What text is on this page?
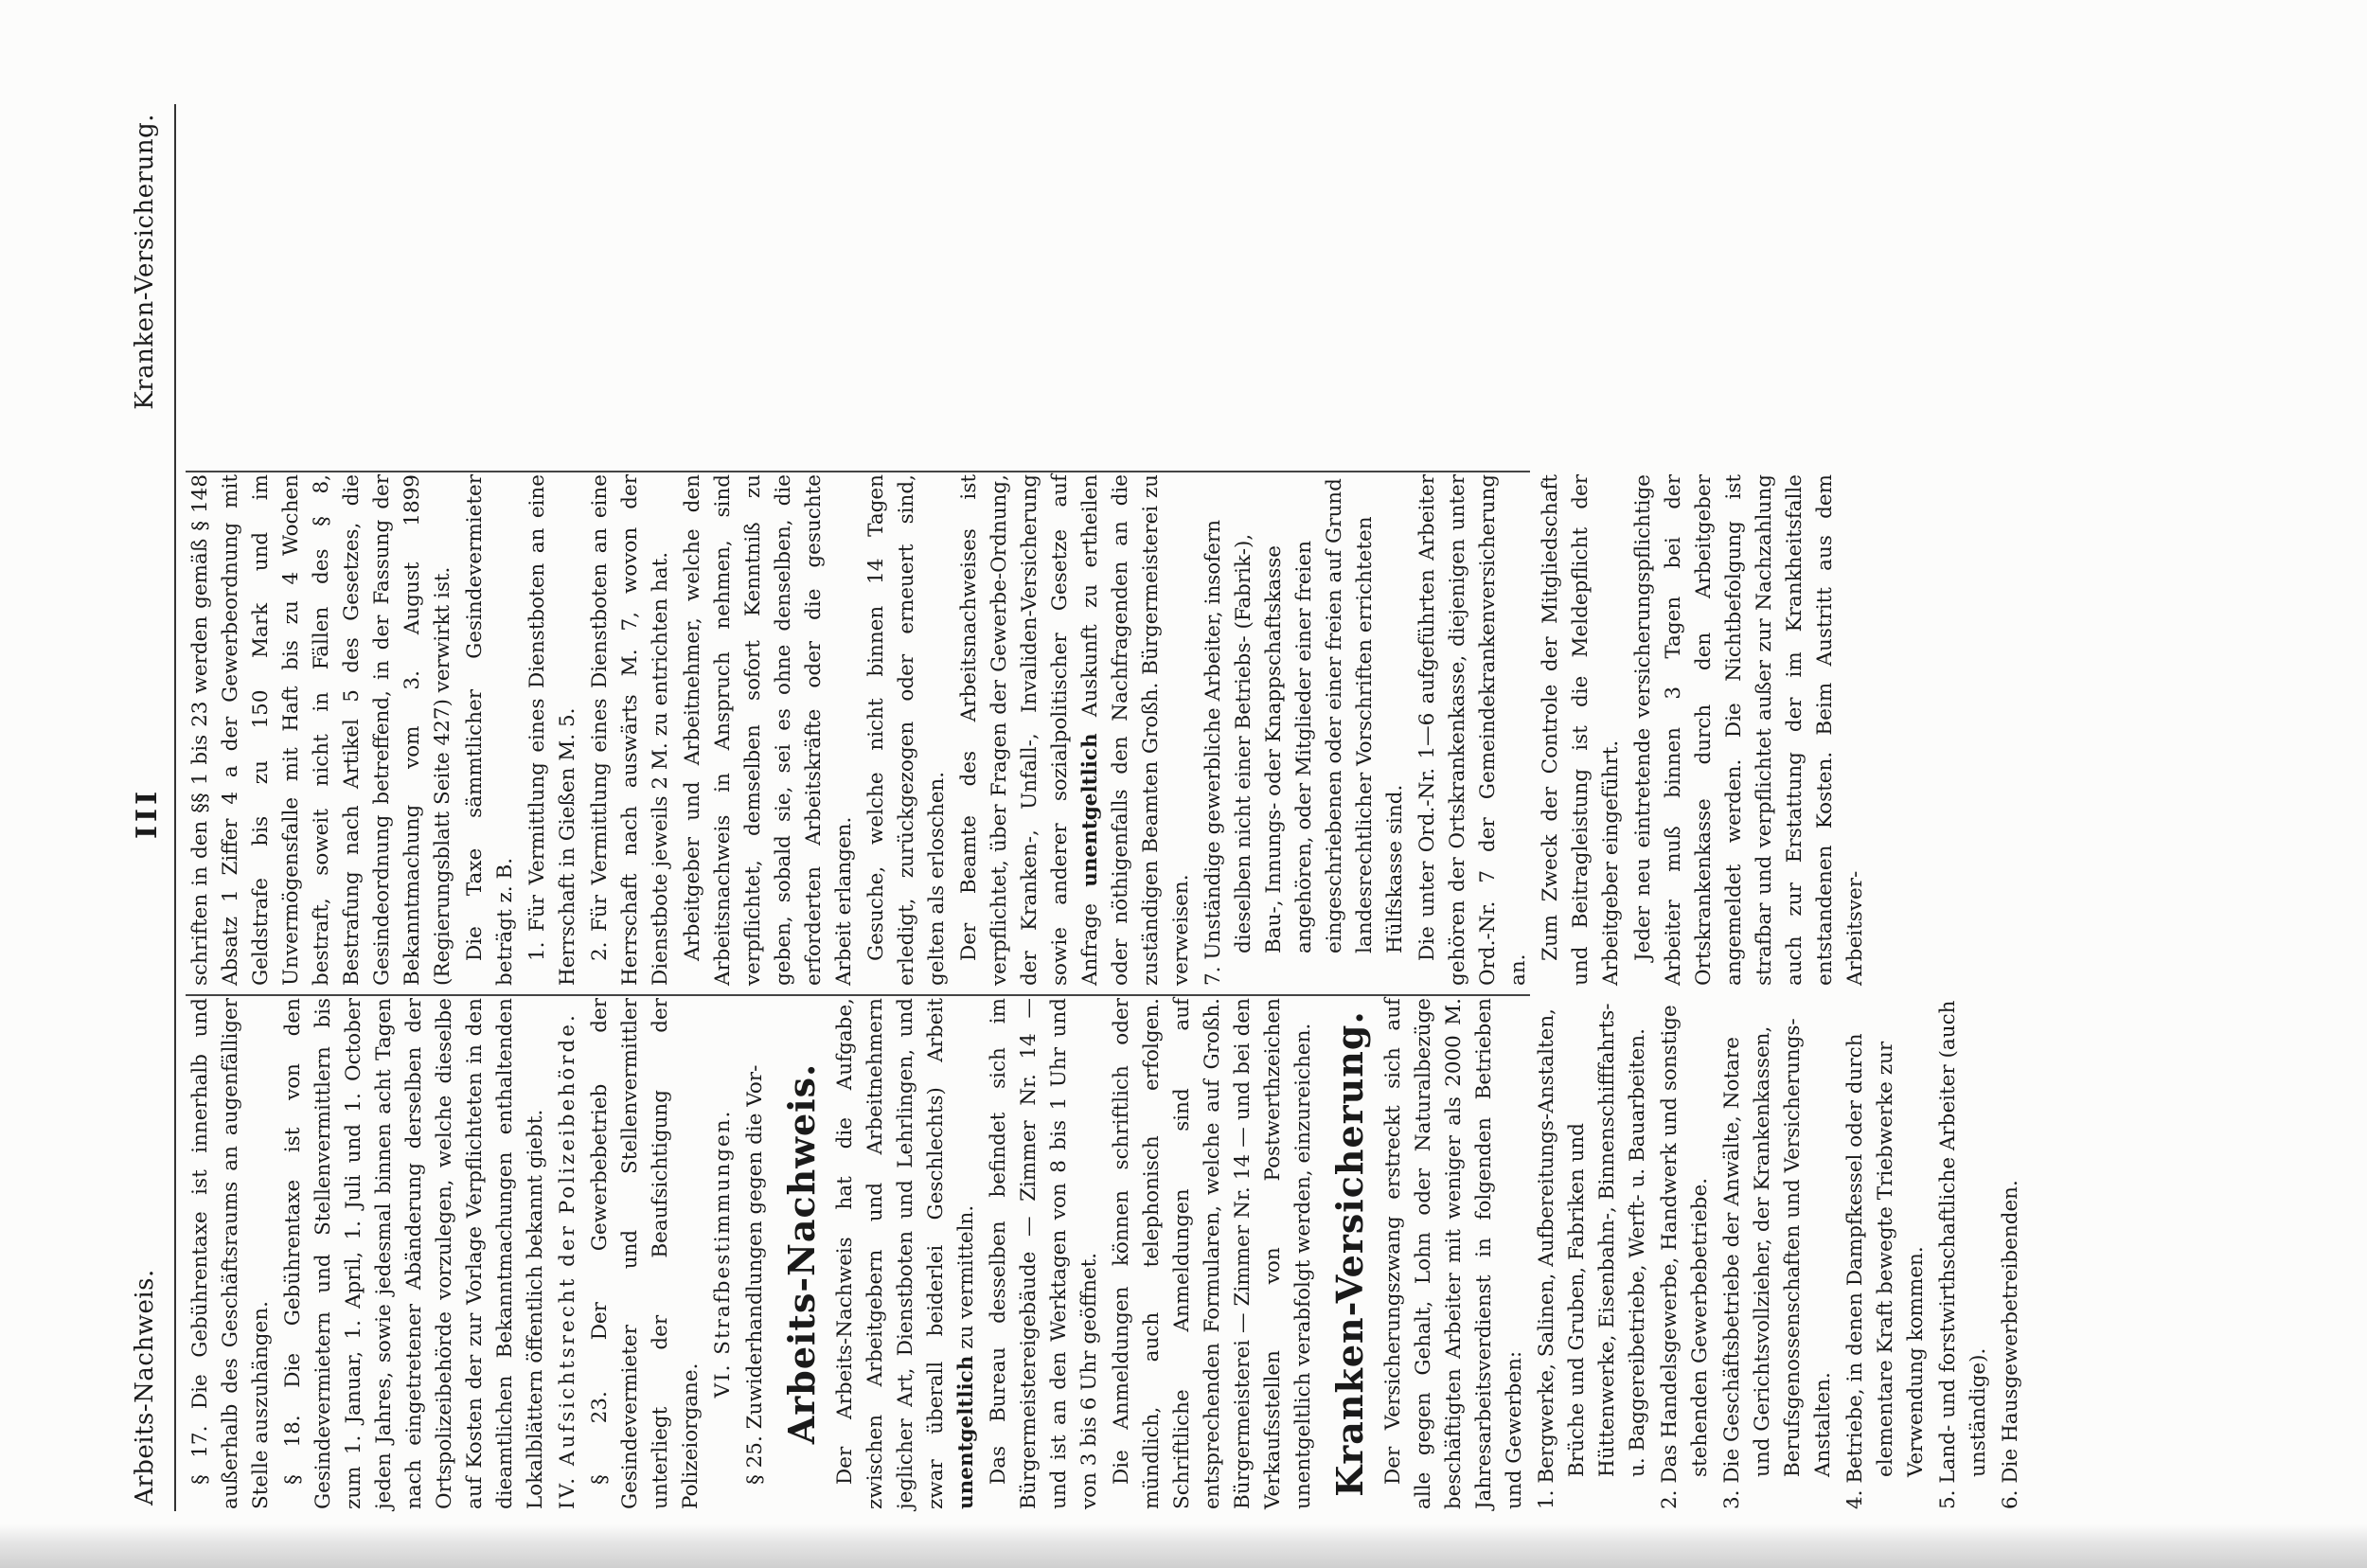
Arbeits-Nachweis.
III
Kranken-Versicherung.

§ 17. Die Gebührentaxe ist innerhalb und außerhalb des Geschäftsraums an augenfälliger Stelle auszuhängen. § 18. Die Gebührentaxe ist von den Gesindevermietern und Stellenvermittlern bis zum 1. Januar, 1. April, 1. Juli und 1. October jeden Jahres, sowie jedesmal binnen acht Tagen nach eingetretener Abänderung derselben der Ortspolizeibehörde vorzulegen, welche dieselbe auf Kosten der zur Vorlage Verpflichteten in den dieamtlichen Bekanntmachungen enthaltenden Lokalblättern öffentlich bekannt giebt. IV. Aufsichtsrecht der Polizeibehörde. § 23. Der Gewerbebetrieb der Gesindevermieter und Stellenvermittler unterliegt der Beaufsichtigung der Polizeiorgane.

VI. Strafbestimmungen. § 25. Zuwiderhandlungen gegen die Vor- Arbeits-Nachweis. Der Arbeits-Nachweis hat die Aufgabe, zwischen Arbeitgebern und Arbeitnehmern jeglicher Art, Dienstboten und Lehrlingen, und zwar überall beiderlei Geschlechts) Arbeit unentgeltlich zu vermitteln. Das Bureau desselben befindet sich im Bürgermeistereigebäude — Zimmer Nr. 14 — und ist an den Werktagen von 8 bis 1 Uhr und von 3 bis 6 Uhr geöffnet. Die Anmeldungen können schriftlich oder mündlich, auch telephonisch erfolgen. Schriftliche Anmeldungen sind auf entsprechenden Formularen, welche auf Großh. Bürgermeisterei — Zimmer Nr. 14 — und bei den Verkaufsstellen von Postwerthzeichen unentgeltlich verabfolgt werden, einzureichen. Kranken-Versicherung. Der Versicherungszwang erstreckt sich auf alle gegen Gehalt, Lohn oder Naturalbezüge beschäftigten Arbeiter mit weniger als 2000 M. Jahresarbeitsverdienst in folgenden Betrieben und Gewerben: 1. Bergwerke, Salinen, Aufbereitungs-Anstalten, Brüche und Gruben, Fabriken und Hüttenwerke, Eisenbahn-, Binnenschifffahrts- u. Baggereibetriebe, Werft- u. Bauarbeiten. 2. Das Handelsgewerbe, Handwerk und sonstige stehenden Gewerbebetriebe. 3. Die Geschäftsbetriebe der Anwälte, Notare und Gerichtsvollzieher, der Krankenkassen, Berufsgenossenschaften und Versicherungs-Anstalten. 4. Betriebe, in denen Dampfkessel oder durch elementare Kraft bewegte Triebwerke zur Verwendung kommen. 5. Land- und forstwirthschaftliche Arbeiter (auch unständige). 6. Die Hausgewerbetreibenden.

schriften in den §§ 1 bis 23 werden gemäß § 148 Absatz 1 Ziffer 4 a der Gewerbeordnung mit Geldstrafe bis zu 150 Mark und im Unvermögensfalle mit Haft bis zu 4 Wochen bestraft, soweit nicht in Fällen des § 8, Bestrafung nach Artikel 5 des Gesetzes, die Gesindeordnung betreffend, in der Fassung der Bekanntmachung vom 3. August 1899 (Regierungsblatt Seite 427) verwirkt ist. Die Taxe sämmtlicher Gesindevermieter beträgt z. B. 1. Für Vermittlung eines Dienstboten an eine Herrschaft in Gießen M. 5. 2. Für Vermittlung eines Dienstboten an eine Herrschaft nach auswärts M. 7, wovon der Dienstbote jeweils 2 M. zu entrichten hat. Arbeitgeber und Arbeitnehmer, welche den Arbeitsnachweis in Anspruch nehmen, sind verpflichtet, demselben sofort Kenntniß zu geben, sobald sie, sei es ohne denselben, die erforderten Arbeitskräfte oder die gesuchte Arbeit erlangen. Gesuche, welche nicht binnen 14 Tagen erledigt, zurückgezogen oder erneuert sind, gelten als erloschen. Der Beamte des Arbeitsnachweises ist verpflichtet, über Fragen der Gewerbe-Ordnung, der Kranken-, Unfall-, Invaliden-Versicherung sowie anderer sozialpolitischer Gesetze auf Anfrage unentgeltlich Auskunft zu ertheilen oder nöthigenfalls den Nachfragenden an die zuständigen Beamten Großh. Bürgermeisterei zu verweisen. 7. Unständige gewerbliche Arbeiter, insofern dieselben nicht einer Betriebs- (Fabrik-), Bau-, Innungs- oder Knappschaftskasse angehören, oder Mitglieder einer freien eingeschriebenen oder einer freien auf Grund landesrechtlicher Vorschriften errichteten Hülfskasse sind. Die unter Ord.-Nr. 1—6 aufgeführten Arbeiter gehören der Ortskrankenkasse, diejenigen unter Ord.-Nr. 7 der Gemeindekrankenversicherung an.

Zum Zweck der Controle der Mitgliedschaft und Beitragleistung ist die Meldepflicht der Arbeitgeber eingeführt. Jeder neu eintretende versicherungspflichtige Arbeiter muß binnen 3 Tagen bei der Ortskrankenkasse durch den Arbeitgeber angemeldet werden. Die Nichtbefolgung ist strafbar und verpflichtet außer zur Nachzahlung auch zur Erstattung der im Krankheitsfalle entstandenen Kosten. Beim Austritt aus dem Arbeitsver-
